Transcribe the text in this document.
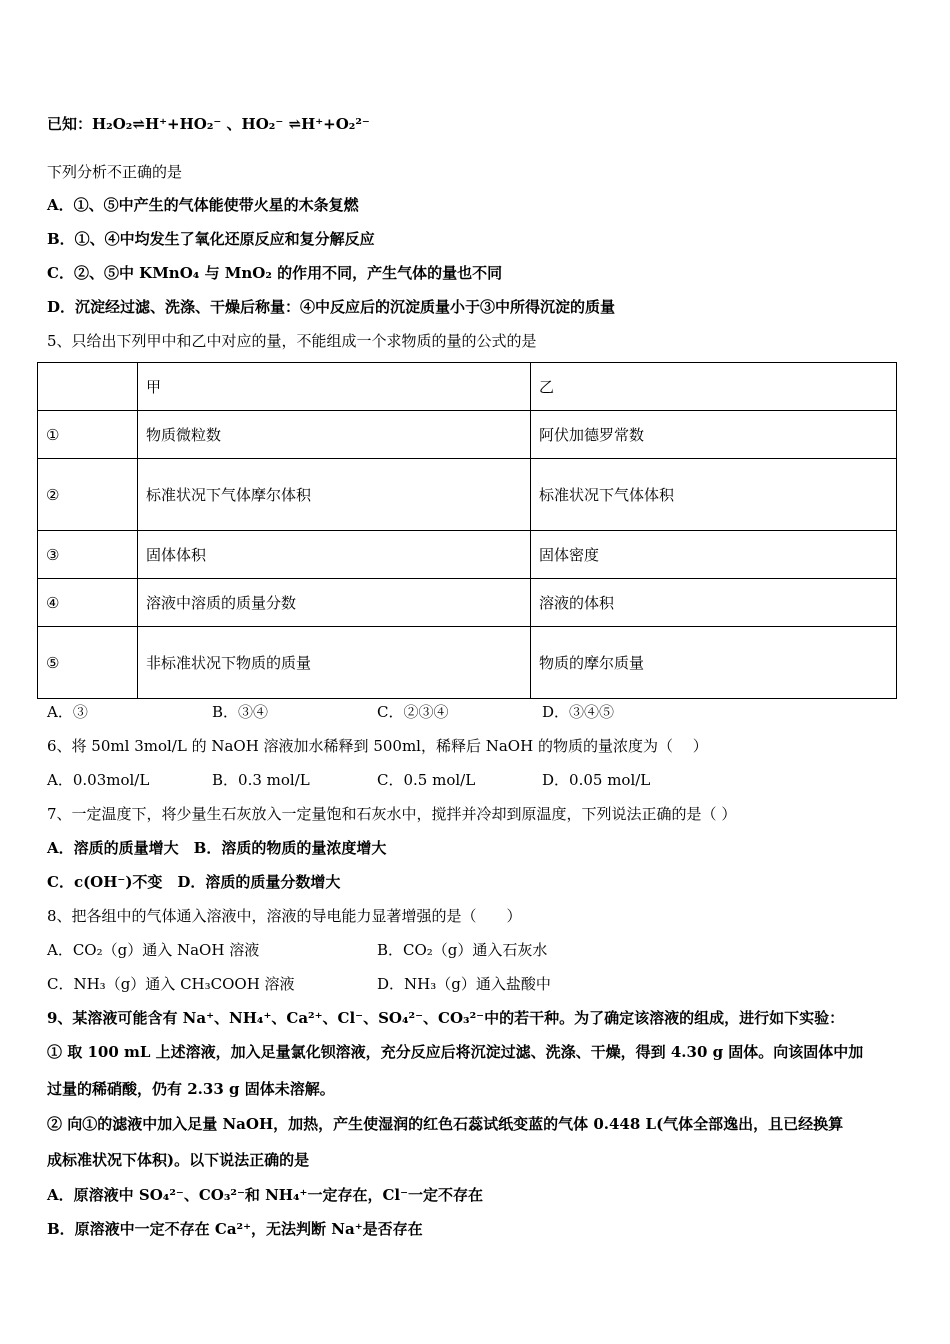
已知：H₂O₂⇌H⁺+HO₂⁻ 、HO₂⁻ ⇌H⁺+O₂²⁻
下列分析不正确的是
A．①、⑤中产生的气体能使带火星的木条复燃
B．①、④中均发生了氧化还原反应和复分解反应
C．②、⑤中 KMnO₄ 与 MnO₂ 的作用不同，产生气体的量也不同
D．沉淀经过滤、洗涤、干燥后称量：④中反应后的沉淀质量小于③中所得沉淀的质量
5、只给出下列甲中和乙中对应的量，不能组成一个求物质的量的公式的是
	甲	乙
①	物质微粒数	阿伏加德罗常数
②	标准状况下气体摩尔体积	标准状况下气体体积
③	固体体积	固体密度
④	溶液中溶质的质量分数	溶液的体积
⑤	非标准状况下物质的质量	物质的摩尔质量
A．③	B．③④	C．②③④	D．③④⑤
6、将 50ml 3mol/L 的 NaOH 溶液加水稀释到 500ml，稀释后 NaOH 的物质的量浓度为（　 ）
A．0.03mol/L	B．0.3 mol/L	C．0.5 mol/L	D．0.05 mol/L
7、一定温度下，将少量生石灰放入一定量饱和石灰水中，搅拌并冷却到原温度，下列说法正确的是（ ）
A．溶质的质量增大　B．溶质的物质的量浓度增大
C．c(OH⁻)不变　D．溶质的质量分数增大
8、把各组中的气体通入溶液中，溶液的导电能力显著增强的是（　　）
A．CO₂（g）通入 NaOH 溶液	B．CO₂（g）通入石灰水
C．NH₃（g）通入 CH₃COOH 溶液	D．NH₃（g）通入盐酸中
9、某溶液可能含有 Na⁺、NH₄⁺、Ca²⁺、Cl⁻、SO₄²⁻、CO₃²⁻中的若干种。为了确定该溶液的组成，进行如下实验：
① 取 100 mL 上述溶液，加入足量氯化钡溶液，充分反应后将沉淀过滤、洗涤、干燥，得到 4.30 g 固体。向该固体中加
过量的稀硝酸，仍有 2.33 g 固体未溶解。
② 向①的滤液中加入足量 NaOH，加热，产生使湿润的红色石蕊试纸变蓝的气体 0.448 L(气体全部逸出，且已经换算
成标准状况下体积)。以下说法正确的是
A．原溶液中 SO₄²⁻、CO₃²⁻和 NH₄⁺一定存在，Cl⁻一定不存在
B．原溶液中一定不存在 Ca²⁺，无法判断 Na⁺是否存在
